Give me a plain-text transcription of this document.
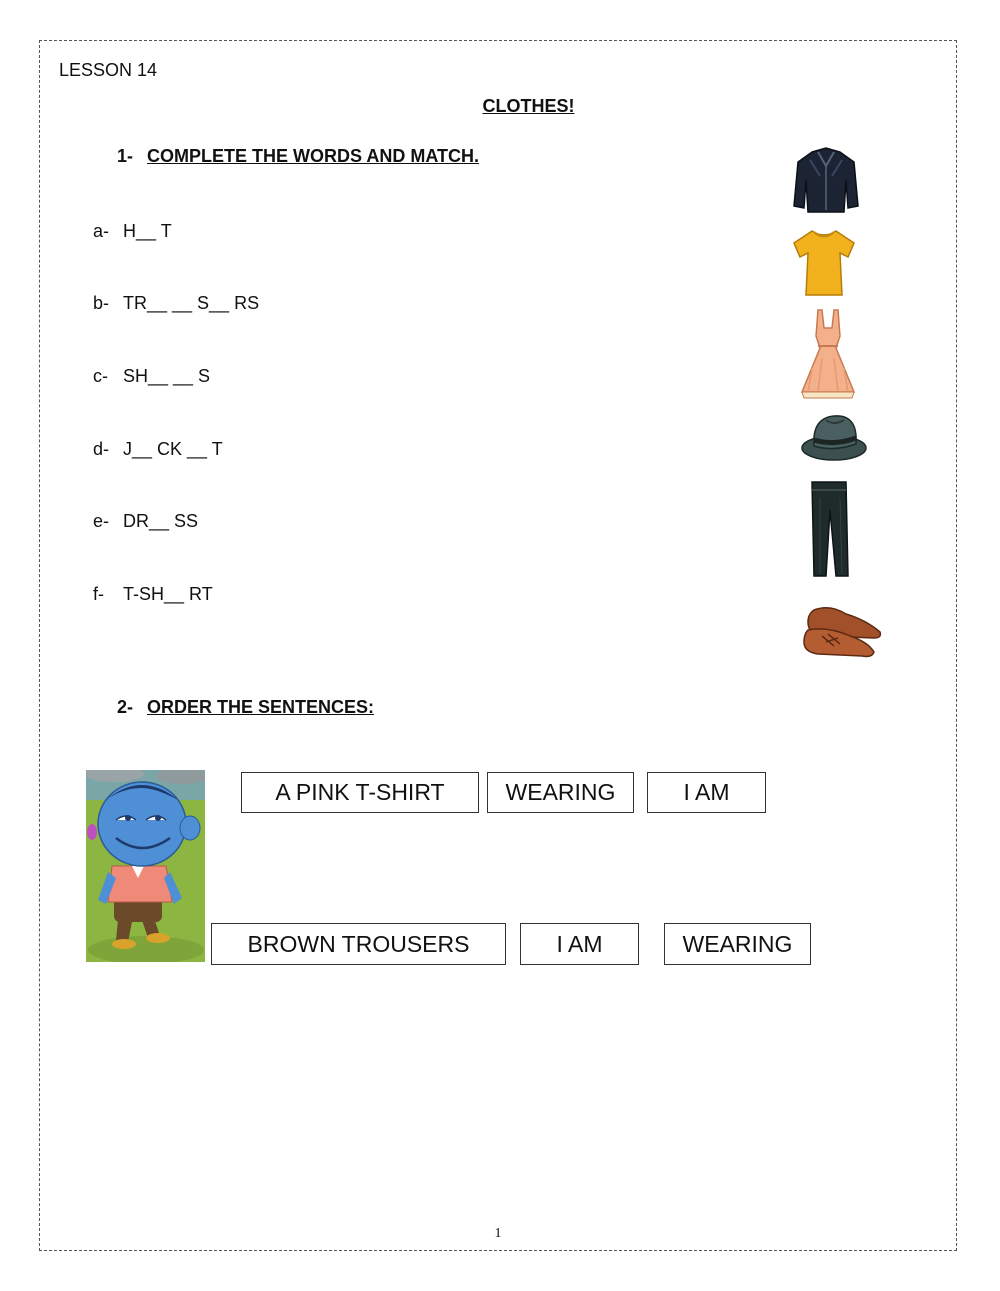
LESSON 14
CLOTHES!
1- COMPLETE THE WORDS AND MATCH.
a- H__ T
b- TR__ __ S__ RS
c- SH__ __ S
d- J__ CK __ T
e- DR__ SS
f- T-SH__ RT
2- ORDER THE SENTENCES:
A PINK T-SHIRT	WEARING	I AM
BROWN TROUSERS	I AM	WEARING
1
